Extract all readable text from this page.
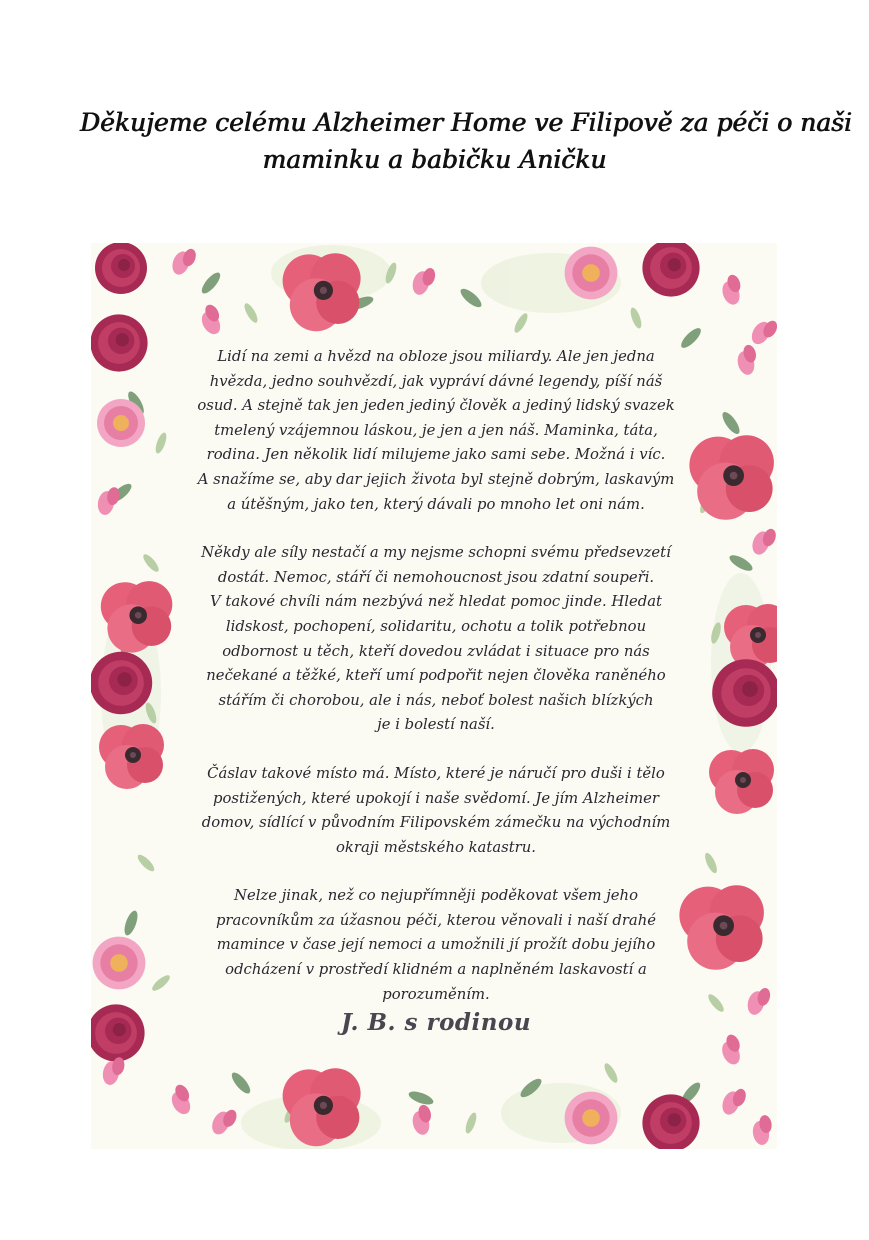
Děkujeme celému Alzheimer Home ve Filipově za péči o naši
maminku a babičku Aničku

Lidí na zemi a hvězd na obloze jsou miliardy. Ale jen jedna
hvězda, jedno souhvězdí, jak vypráví dávné legendy, píší náš
osud. A stejně tak jen jeden jediný člověk a jediný lidský svazek
tmelený vzájemnou láskou, je jen a jen náš. Maminka, táta,
rodina. Jen několik lidí milujeme jako sami sebe. Možná i víc.
A snažíme se, aby dar jejich života byl stejně dobrým, laskavým
a útěšným, jako ten, který dávali po mnoho let oni nám.

Někdy ale síly nestačí a my nejsme schopni svému předsevzetí
dostát. Nemoc, stáří či nemohoucnost jsou zdatní soupeři.
V takové chvíli nám nezbývá než hledat pomoc jinde. Hledat
lidskost, pochopení, solidaritu, ochotu a tolik potřebnou
odbornost u těch, kteří dovedou zvládat i situace pro nás
nečekané a těžké, kteří umí podpořit nejen člověka raněného
stářím či chorobou, ale i nás, neboť bolest našich blízkých
je i bolestí naší.

Čáslav takové místo má. Místo, které je náručí pro duši i tělo
postižených, které upokojí i naše svědomí. Je jím Alzheimer
domov, sídlící v původním Filipovském zámečku na východním
okraji městského katastru.

Nelze jinak, než co nejupřímněji poděkovat všem jeho
pracovníkům za úžasnou péči, kterou věnovali i naší drahé
mamince v čase její nemoci a umožnili jí prožít dobu jejího
odcházení v prostředí klidném a naplněném laskavostí a
porozuměním.

J. B. s rodinou
